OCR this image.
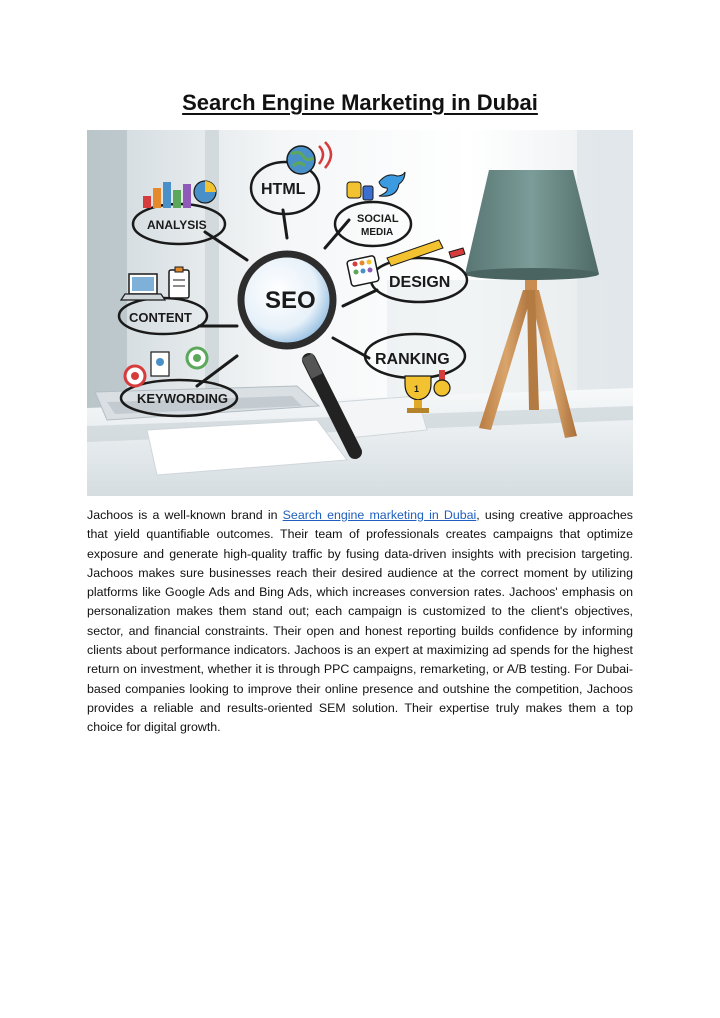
Search Engine Marketing in Dubai
HTML
ANALYSIS	SOCIAL
MEDIA
DESIGN
CONTENT
SEO
RANKING
1
KEYWORDING

Jachoos is a well-known brand in Search engine marketing in Dubai, using creative approaches that yield quantifiable outcomes. Their team of professionals creates campaigns that optimize exposure and generate high-quality traffic by fusing data-driven insights with precision targeting. Jachoos makes sure businesses reach their desired audience at the correct moment by utilizing platforms like Google Ads and Bing Ads, which increases conversion rates. Jachoos' emphasis on personalization makes them stand out; each campaign is customized to the client's objectives, sector, and financial constraints. Their open and honest reporting builds confidence by informing clients about performance indicators. Jachoos is an expert at maximizing ad spends for the highest return on investment, whether it is through PPC campaigns, remarketing, or A/B testing. For Dubai-based companies looking to improve their online presence and outshine the competition, Jachoos provides a reliable and results-oriented SEM solution. Their expertise truly makes them a top choice for digital growth.
